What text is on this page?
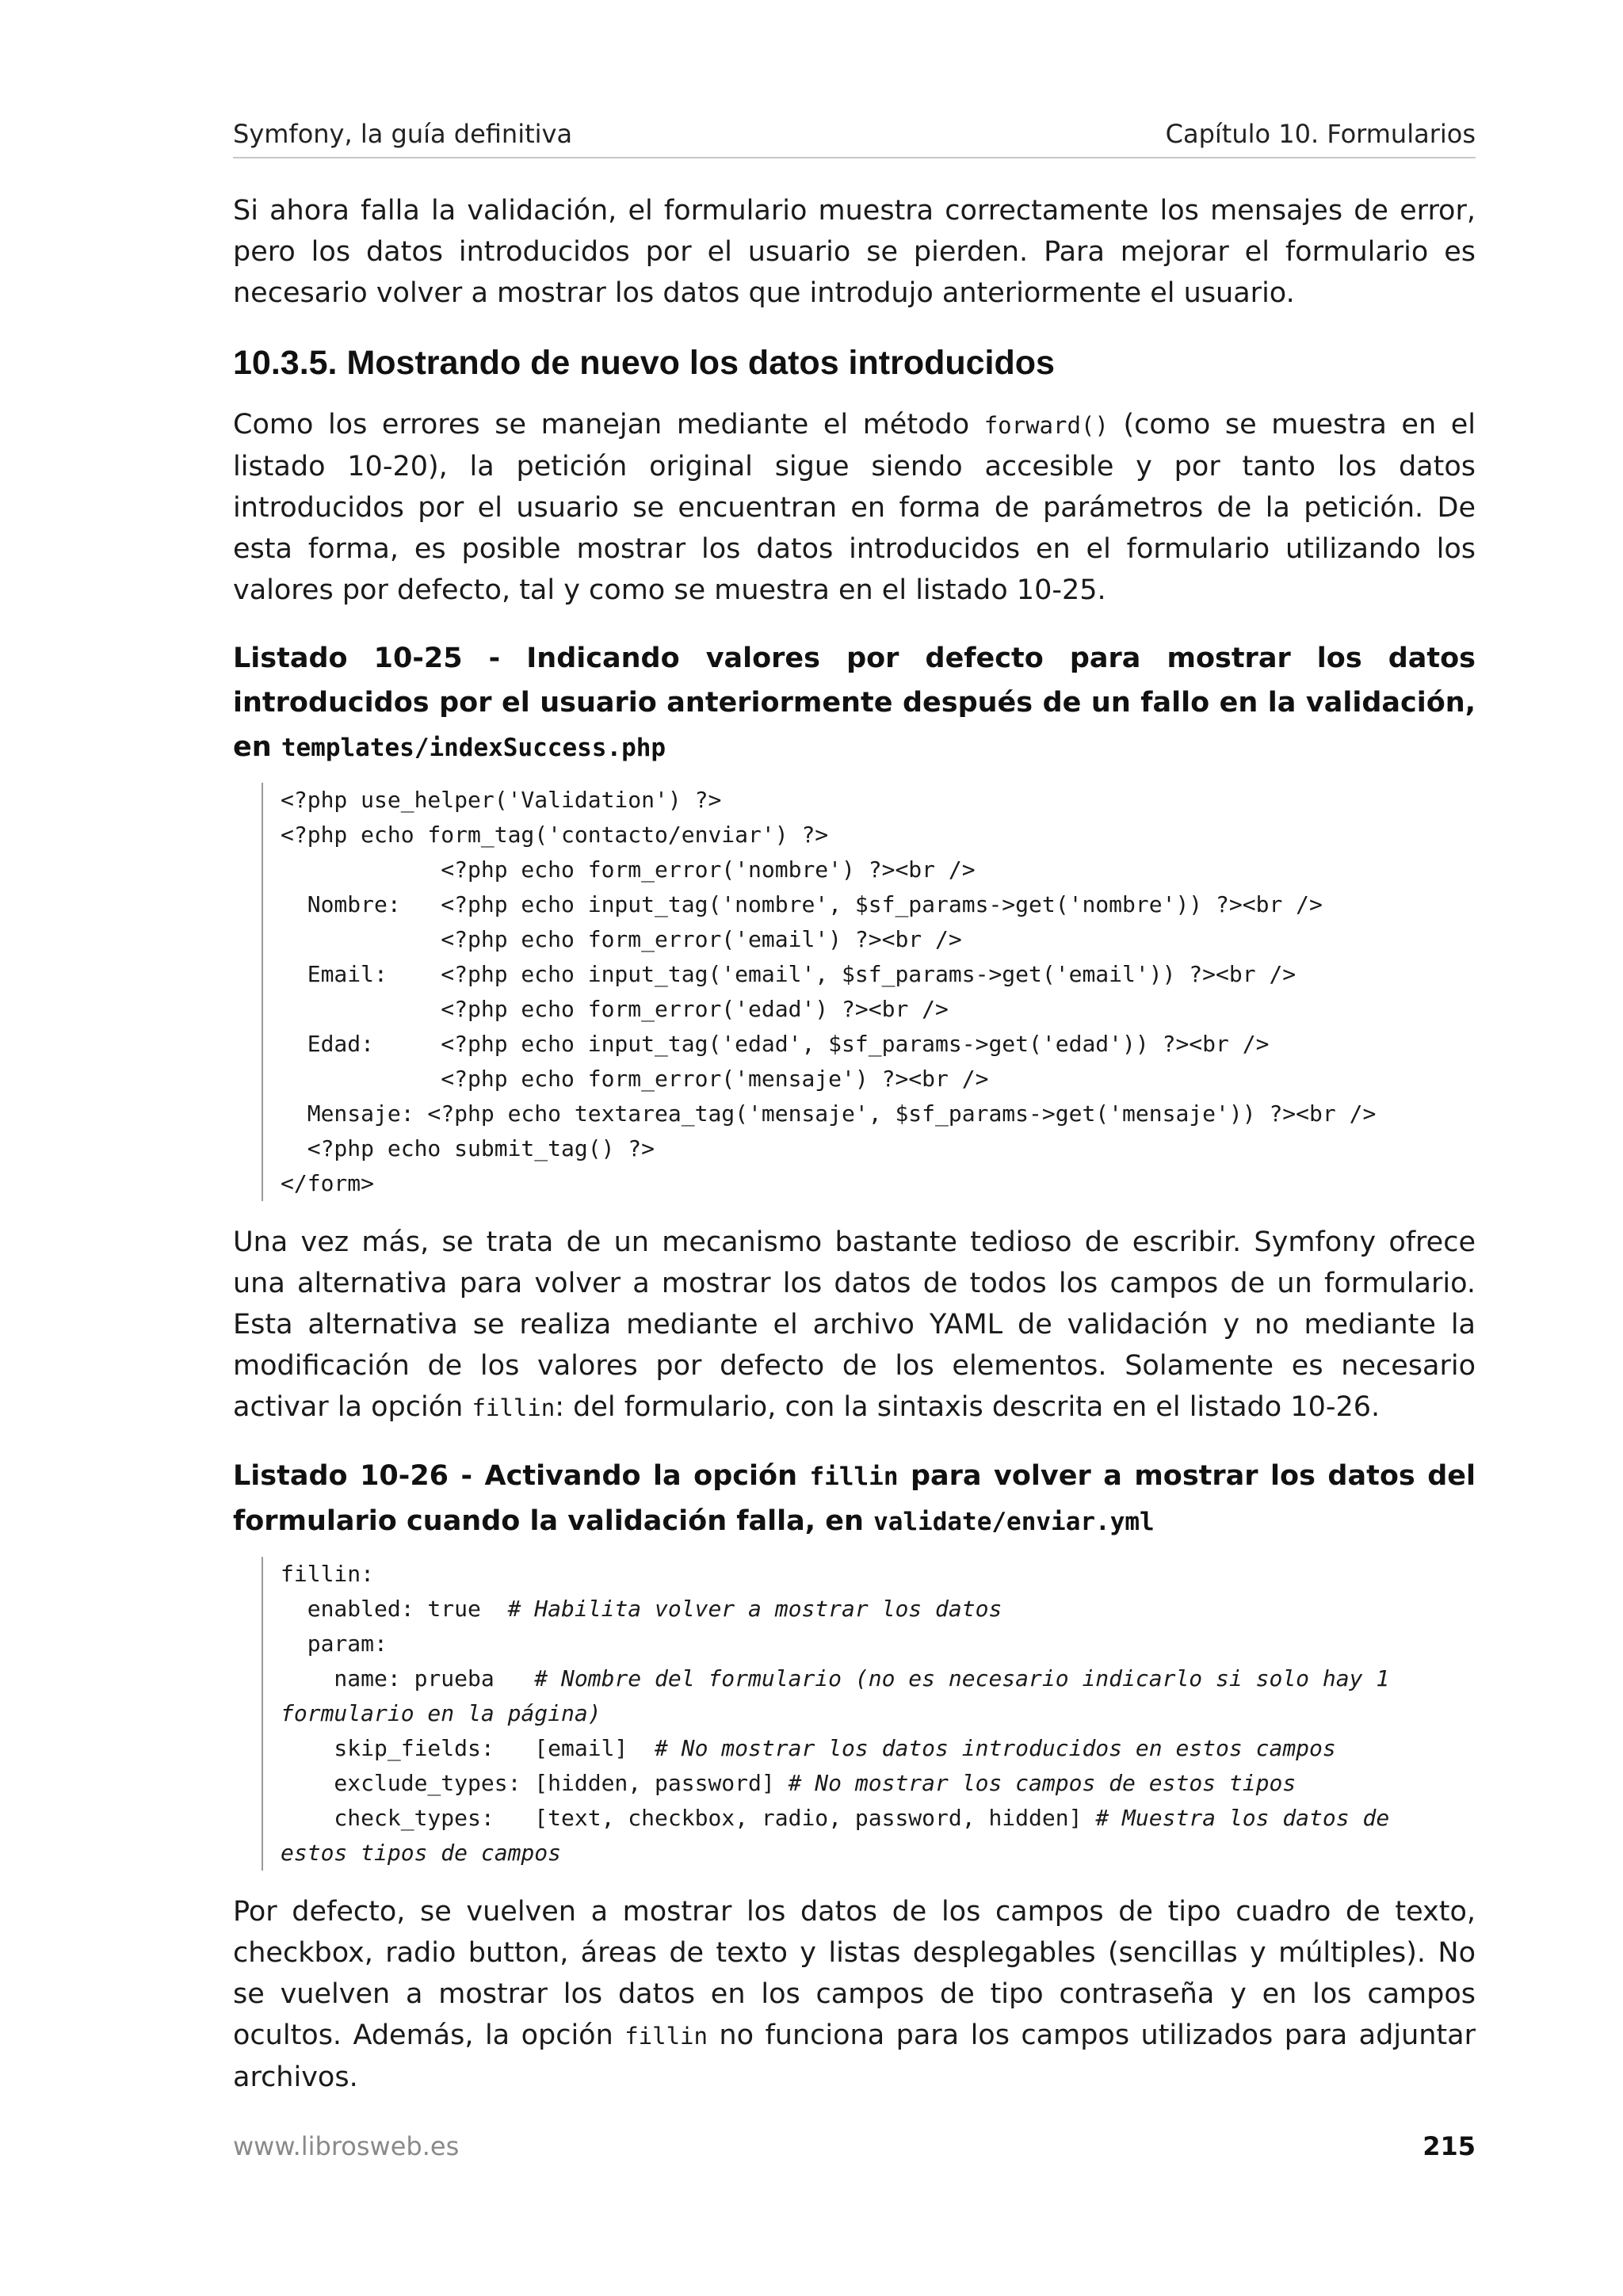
Symfony, la guía definitiva	Capítulo 10. Formularios

Si ahora falla la validación, el formulario muestra correctamente los mensajes de error, pero los datos introducidos por el usuario se pierden. Para mejorar el formulario es necesario volver a mostrar los datos que introdujo anteriormente el usuario.

10.3.5. Mostrando de nuevo los datos introducidos

Como los errores se manejan mediante el método forward() (como se muestra en el listado 10-20), la petición original sigue siendo accesible y por tanto los datos introducidos por el usuario se encuentran en forma de parámetros de la petición. De esta forma, es posible mostrar los datos introducidos en el formulario utilizando los valores por defecto, tal y como se muestra en el listado 10-25.

Listado 10-25 - Indicando valores por defecto para mostrar los datos introducidos por el usuario anteriormente después de un fallo en la validación, en templates/indexSuccess.php
<?php use_helper('Validation') ?>
<?php echo form_tag('contacto/enviar') ?>
<?php echo form_error('nombre') ?><br />
Nombre:   <?php echo input_tag('nombre', $sf_params->get('nombre')) ?><br />
<?php echo form_error('email') ?><br />
Email:    <?php echo input_tag('email', $sf_params->get('email')) ?><br />
<?php echo form_error('edad') ?><br />
Edad:     <?php echo input_tag('edad', $sf_params->get('edad')) ?><br />
<?php echo form_error('mensaje') ?><br />
Mensaje: <?php echo textarea_tag('mensaje', $sf_params->get('mensaje')) ?><br />
<?php echo submit_tag() ?>
</form>

Una vez más, se trata de un mecanismo bastante tedioso de escribir. Symfony ofrece una alternativa para volver a mostrar los datos de todos los campos de un formulario. Esta alternativa se realiza mediante el archivo YAML de validación y no mediante la modificación de los valores por defecto de los elementos. Solamente es necesario activar la opción fillin: del formulario, con la sintaxis descrita en el listado 10-26.

Listado 10-26 - Activando la opción fillin para volver a mostrar los datos del formulario cuando la validación falla, en validate/enviar.yml
fillin:
enabled: true  # Habilita volver a mostrar los datos
param:
name: prueba   # Nombre del formulario (no es necesario indicarlo si solo hay 1
formulario en la página)
skip_fields:   [email]  # No mostrar los datos introducidos en estos campos
exclude_types: [hidden, password] # No mostrar los campos de estos tipos
check_types:   [text, checkbox, radio, password, hidden] # Muestra los datos de
estos tipos de campos

Por defecto, se vuelven a mostrar los datos de los campos de tipo cuadro de texto, checkbox, radio button, áreas de texto y listas desplegables (sencillas y múltiples). No se vuelven a mostrar los datos en los campos de tipo contraseña y en los campos ocultos. Además, la opción fillin no funciona para los campos utilizados para adjuntar archivos.

www.librosweb.es	215
